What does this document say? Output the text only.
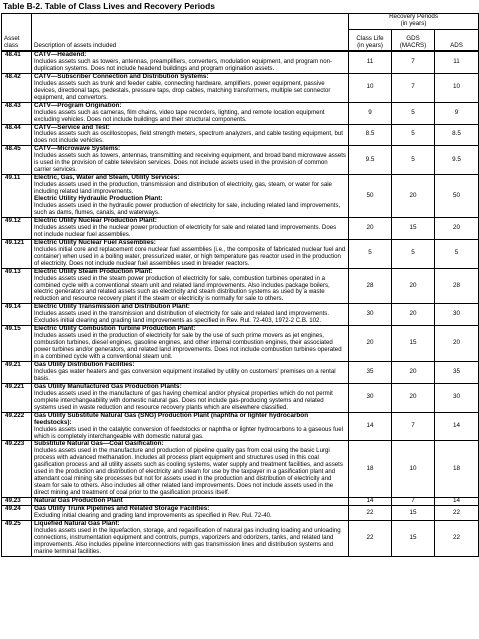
Table B-2. Table of Class Lives and Recovery Periods
Asset
class	Description of assets included	Recovery Periods
(in years)		
		Class Life
(in years)	GDS
(MACRS)	ADS
48.41	CATV—Headend:
Includes assets such as towers, antennas, preamplifiers, converters, modulation equipment, and program non-duplication systems. Does not include headend buildings and program origination assets.	11	7	11
48.42	CATV—Subscriber Connection and Distribution Systems:
Includes assets such as trunk and feeder cable, connecting hardware, amplifiers, power equipment, passive devices, directional taps, pedestals, pressure taps, drop cables, matching transformers, multiple set connector equipment, and convertors.	10	7	10
48.43	CATV—Program Origination:
Includes assets such as cameras, film chains, video tape recorders, lighting, and remote location equipment excluding vehicles. Does not include buildings and their structural components.	9	5	9
48.44	CATV—Service and Test:
Includes assets such as oscilloscopes, field strength meters, spectrum analyzers, and cable testing equipment, but does not include vehicles.	8.5	5	8.5
48.45	CATV—Microwave Systems:
Includes assets such as towers, antennas, transmitting and receiving equipment, and broad band microwave assets is used in the provision of cable television services. Does not include assets used in the provision of common carrier services.	9.5	5	9.5
49.11	Electric, Gas, Water and Steam, Utility Services:
Includes assets used in the production, transmission and distribution of electricity, gas, steam, or water for sale including related land improvements.
Electric Utility Hydraulic Production Plant:
Includes assets used in the hydraulic power production of electricity for sale, including related land improvements, such as dams, flumes, canals, and waterways.	50	20	50
49.12	Electric Utility Nuclear Production Plant:
Includes assets used in the nuclear power production of electricity for sale and related land improvements. Does not include nuclear fuel assemblies.	20	15	20
49.121	Electric Utility Nuclear Fuel Assemblies:
Includes initial core and replacement core nuclear fuel assemblies (i.e., the composite of fabricated nuclear fuel and container) when used in a boiling water, pressurized water, or high temperature gas reactor used in the production of electricity. Does not include nuclear fuel assemblies used in breader reactors.	5	5	5
49.13	Electric Utility Steam Production Plant:
Includes assets used in the steam power production of electricity for sale, combustion turbines operated in a combined cycle with a conventional steam unit and related land improvements. Also includes package boilers, electric generators and related assets such as electricity and steam distribution systems as used by a waste reduction and resource recovery plant if the steam or electricity is normally for sale to others.	28	20	28
49.14	Electric Utility Transmission and Distribution Plant:
Includes assets used in the transmission and distribution of electricity for sale and related land improvements. Excludes initial clearing and grading land improvements as specified in Rev. Rul. 72-403, 1972-2 C.B. 102.	30	20	30
49.15	Electric Utility Combustion Turbine Production Plant:
Includes assets used in the production of electricity for sale by the use of such prime movers as jet engines, combustion turbines, diesel engines, gasoline engines, and other internal combustion engines, their associated power turbines and/or generators, and related land improvements. Does not include combustion turbines operated in a combined cycle with a conventional steam unit.	20	15	20
49.21	Gas Utility Distribution Facilities:
Includes gas water heaters and gas conversion equipment installed by utility on customers' premises on a rental basis.	35	20	35
49.221	Gas Utility Manufactured Gas Production Plants:
Includes assets used in the manufacture of gas having chemical and/or physical properties which do not permit complete interchangeability with domestic natural gas. Does not include gas-producing systems and related systems used in waste reduction and resource recovery plants which are elsewhere classified.	30	20	30
49.222	Gas Utility Substitute Natural Gas (SNG) Production Plant (naphtha or lighter hydrocarbon feedstocks):
Includes assets used in the catalytic conversion of feedstocks or naphtha or lighter hydrocarbons to a gaseous fuel which is completely interchangeable with domestic natural gas.	14	7	14
49.223	Substitute Natural Gas—Coal Gasification:
Includes assets used in the manufacture and production of pipeline quality gas from coal using the basic Lurgi process with advanced methanation. Includes all process plant equipment and structures used in this coal gasification process and all utility assets such as cooling systems, water supply and treatment facilities, and assets used in the production and distribution of electricity and steam for use by the taxpayer in a gasification plant and attendant coal mining site processes but not for assets used in the production and distribution of electricity and steam for sale to others. Also includes all other related land improvements. Does not include assets used in the direct mining and treatment of coal prior to the gasification process itself.	18	10	18
49.23	Natural Gas Production Plant	14	7	14
49.24	Gas Utility Trunk Pipelines and Related Storage Facilities:
Excluding initial clearing and grading land improvements as specified in Rev. Rul. 72-40.	22	15	22
49.25	Liquefied Natural Gas Plant:
Includes assets used in the liquefaction, storage, and regasification of natural gas including loading and unloading connections, instrumentation equipment and controls, pumps, vaporizers and odorizers, tanks, and related land improvements. Also includes pipeline interconnections with gas transmission lines and distribution systems and marine terminal facilities.	22	15	22
